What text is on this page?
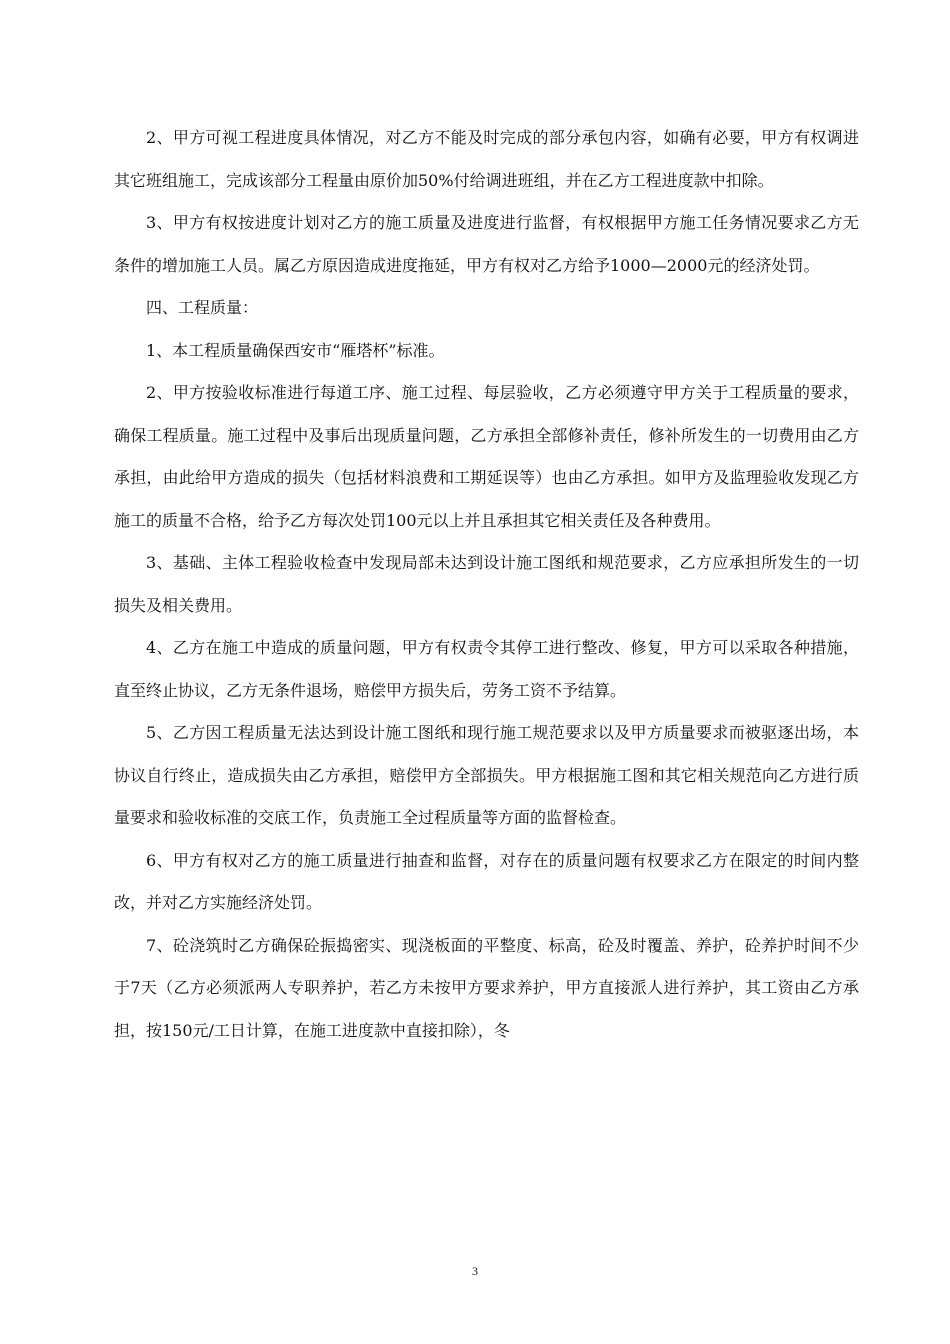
2、甲方可视工程进度具体情况，对乙方不能及时完成的部分承包内容，如确有必要，甲方有权调进其它班组施工，完成该部分工程量由原价加50%付给调进班组，并在乙方工程进度款中扣除。

3、甲方有权按进度计划对乙方的施工质量及进度进行监督，有权根据甲方施工任务情况要求乙方无条件的增加施工人员。属乙方原因造成进度拖延，甲方有权对乙方给予1000—2000元的经济处罚。

四、工程质量：

1、本工程质量确保西安市“雁塔杯”标准。

2、甲方按验收标准进行每道工序、施工过程、每层验收，乙方必须遵守甲方关于工程质量的要求，确保工程质量。施工过程中及事后出现质量问题，乙方承担全部修补责任，修补所发生的一切费用由乙方承担，由此给甲方造成的损失（包括材料浪费和工期延误等）也由乙方承担。如甲方及监理验收发现乙方施工的质量不合格，给予乙方每次处罚100元以上并且承担其它相关责任及各种费用。

3、基础、主体工程验收检查中发现局部未达到设计施工图纸和规范要求，乙方应承担所发生的一切损失及相关费用。

4、乙方在施工中造成的质量问题，甲方有权责令其停工进行整改、修复，甲方可以采取各种措施，直至终止协议，乙方无条件退场，赔偿甲方损失后，劳务工资不予结算。

5、乙方因工程质量无法达到设计施工图纸和现行施工规范要求以及甲方质量要求而被驱逐出场，本协议自行终止，造成损失由乙方承担，赔偿甲方全部损失。甲方根据施工图和其它相关规范向乙方进行质量要求和验收标准的交底工作，负责施工全过程质量等方面的监督检查。

6、甲方有权对乙方的施工质量进行抽查和监督，对存在的质量问题有权要求乙方在限定的时间内整改，并对乙方实施经济处罚。

7、砼浇筑时乙方确保砼振捣密实、现浇板面的平整度、标高，砼及时覆盖、养护，砼养护时间不少于7天（乙方必须派两人专职养护，若乙方未按甲方要求养护，甲方直接派人进行养护，其工资由乙方承担，按150元/工日计算，在施工进度款中直接扣除），冬

3
